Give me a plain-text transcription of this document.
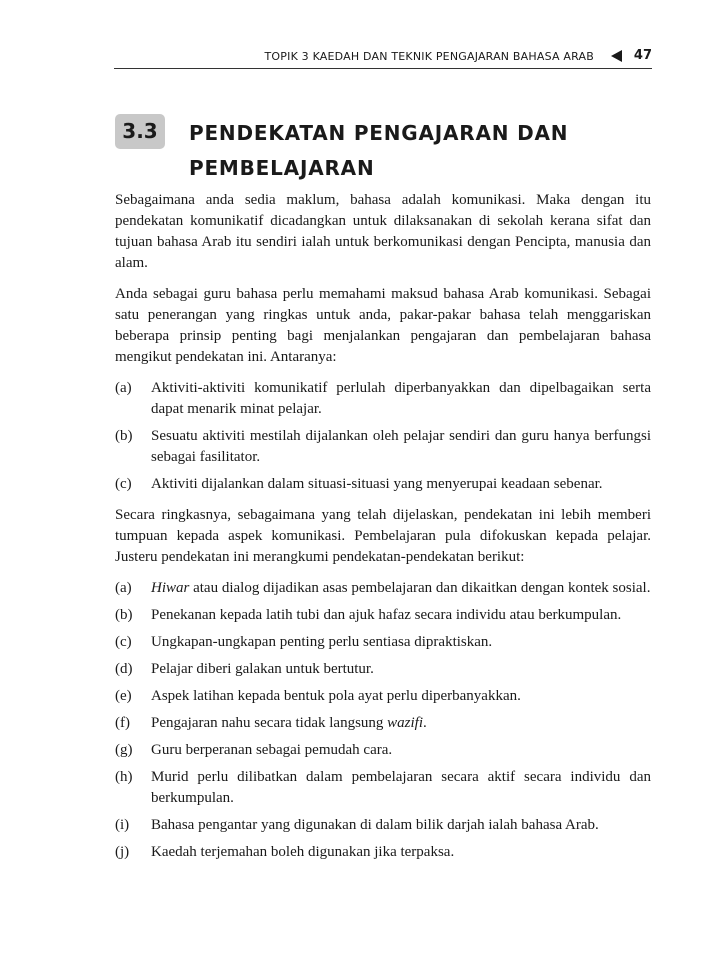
TOPIK 3 KAEDAH DAN TEKNIK PENGAJARAN BAHASA ARAB	47
3.3	PENDEKATAN PENGAJARAN DAN
PEMBELAJARAN

Sebagaimana anda sedia maklum, bahasa adalah komunikasi. Maka dengan itu pendekatan komunikatif dicadangkan untuk dilaksanakan di sekolah kerana sifat dan tujuan bahasa Arab itu sendiri ialah untuk berkomunikasi dengan Pencipta, manusia dan alam.

Anda sebagai guru bahasa perlu memahami maksud bahasa Arab komunikasi. Sebagai satu penerangan yang ringkas untuk anda, pakar-pakar bahasa telah menggariskan beberapa prinsip penting bagi menjalankan pengajaran dan pembelajaran bahasa mengikut pendekatan ini. Antaranya:

(a)	Aktiviti-aktiviti komunikatif perlulah diperbanyakkan dan dipelbagaikan serta dapat menarik minat pelajar.
(b)	Sesuatu aktiviti mestilah dijalankan oleh pelajar sendiri dan guru hanya berfungsi sebagai fasilitator.
(c)	Aktiviti dijalankan dalam situasi-situasi yang menyerupai keadaan sebenar.

Secara ringkasnya, sebagaimana yang telah dijelaskan, pendekatan ini lebih memberi tumpuan kepada aspek komunikasi. Pembelajaran pula difokuskan kepada pelajar. Justeru pendekatan ini merangkumi pendekatan-pendekatan berikut:

(a)	Hiwar atau dialog dijadikan asas pembelajaran dan dikaitkan dengan kontek sosial.
(b)	Penekanan kepada latih tubi dan ajuk hafaz secara individu atau berkumpulan.
(c)	Ungkapan-ungkapan penting perlu sentiasa dipraktiskan.
(d)	Pelajar diberi galakan untuk bertutur.
(e)	Aspek latihan kepada bentuk pola ayat perlu diperbanyakkan.
(f)	Pengajaran nahu secara tidak langsung wazifi.
(g)	Guru berperanan sebagai pemudah cara.
(h)	Murid perlu dilibatkan dalam pembelajaran secara aktif secara individu dan berkumpulan.
(i)	Bahasa pengantar yang digunakan di dalam bilik darjah ialah bahasa Arab.
(j)	Kaedah terjemahan boleh digunakan jika terpaksa.
